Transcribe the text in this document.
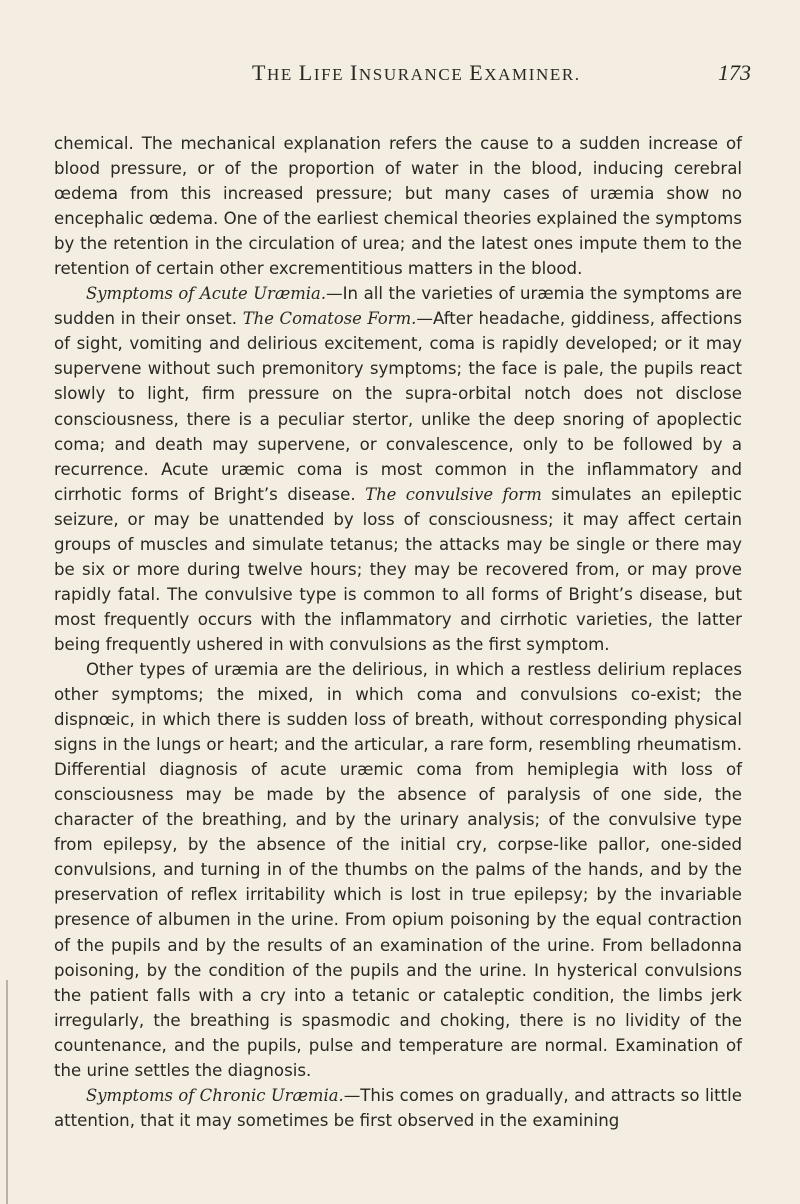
THE LIFE INSURANCE EXAMINER.	173

chemical. The mechanical explanation refers the cause to a sudden increase of blood pressure, or of the proportion of water in the blood, inducing cerebral œdema from this increased pressure; but many cases of uræmia show no encephalic œdema. One of the earliest chemical theories explained the symptoms by the retention in the circulation of urea; and the latest ones impute them to the retention of certain other excrementitious matters in the blood.

Symptoms of Acute Uræmia.—In all the varieties of uræmia the symptoms are sudden in their onset. The Comatose Form.—After headache, giddiness, affections of sight, vomiting and delirious excitement, coma is rapidly developed; or it may supervene without such premonitory symptoms; the face is pale, the pupils react slowly to light, firm pressure on the supra-orbital notch does not disclose consciousness, there is a peculiar stertor, unlike the deep snoring of apoplectic coma; and death may supervene, or convalescence, only to be followed by a recurrence. Acute uræmic coma is most common in the inflammatory and cirrhotic forms of Bright’s disease. The convulsive form simulates an epileptic seizure, or may be unattended by loss of consciousness; it may affect certain groups of muscles and simulate tetanus; the attacks may be single or there may be six or more during twelve hours; they may be recovered from, or may prove rapidly fatal. The convulsive type is common to all forms of Bright’s disease, but most frequently occurs with the inflammatory and cirrhotic varieties, the latter being frequently ushered in with convulsions as the first symptom.

Other types of uræmia are the delirious, in which a restless delirium replaces other symptoms; the mixed, in which coma and convulsions co-exist; the dispnœic, in which there is sudden loss of breath, without corresponding physical signs in the lungs or heart; and the articular, a rare form, resembling rheumatism. Differential diagnosis of acute uræmic coma from hemiplegia with loss of consciousness may be made by the absence of paralysis of one side, the character of the breathing, and by the urinary analysis; of the convulsive type from epilepsy, by the absence of the initial cry, corpse-like pallor, one-sided convulsions, and turning in of the thumbs on the palms of the hands, and by the preservation of reflex irritability which is lost in true epilepsy; by the invariable presence of albumen in the urine. From opium poisoning by the equal contraction of the pupils and by the results of an examination of the urine. From belladonna poisoning, by the condition of the pupils and the urine. In hysterical convulsions the patient falls with a cry into a tetanic or cataleptic condition, the limbs jerk irregularly, the breathing is spasmodic and choking, there is no lividity of the countenance, and the pupils, pulse and temperature are normal. Examination of the urine settles the diagnosis.

Symptoms of Chronic Uræmia.—This comes on gradually, and attracts so little attention, that it may sometimes be first observed in the examining
